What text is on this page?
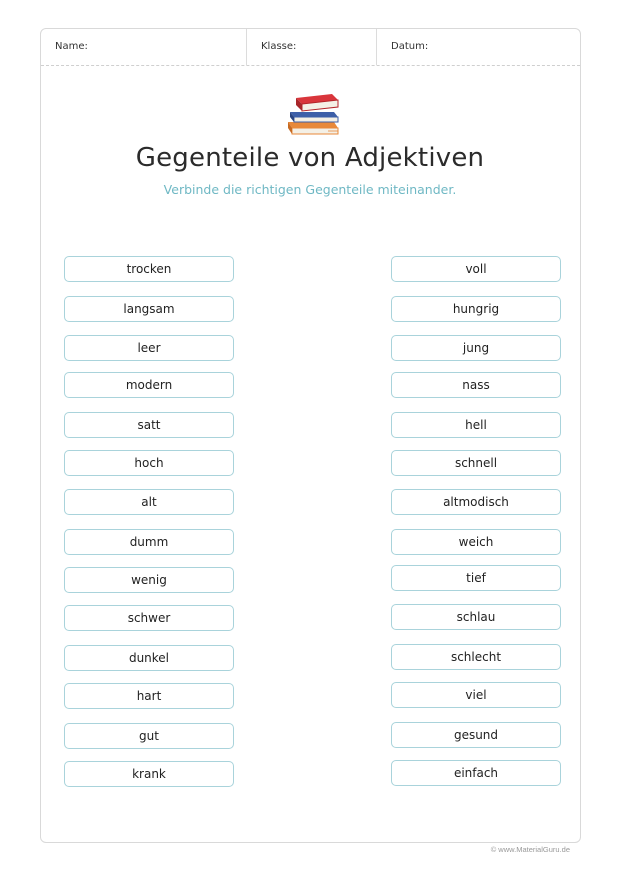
Name:	Klasse:	Datum:
Gegenteile von Adjektiven
Verbinde die richtigen Gegenteile miteinander.
trocken
langsam
leer
modern
satt
hoch
alt
dumm
wenig
schwer
dunkel
hart
gut
krank
voll
hungrig
jung
nass
hell
schnell
altmodisch
weich
tief
schlau
schlecht
viel
gesund
einfach
© www.MaterialGuru.de
